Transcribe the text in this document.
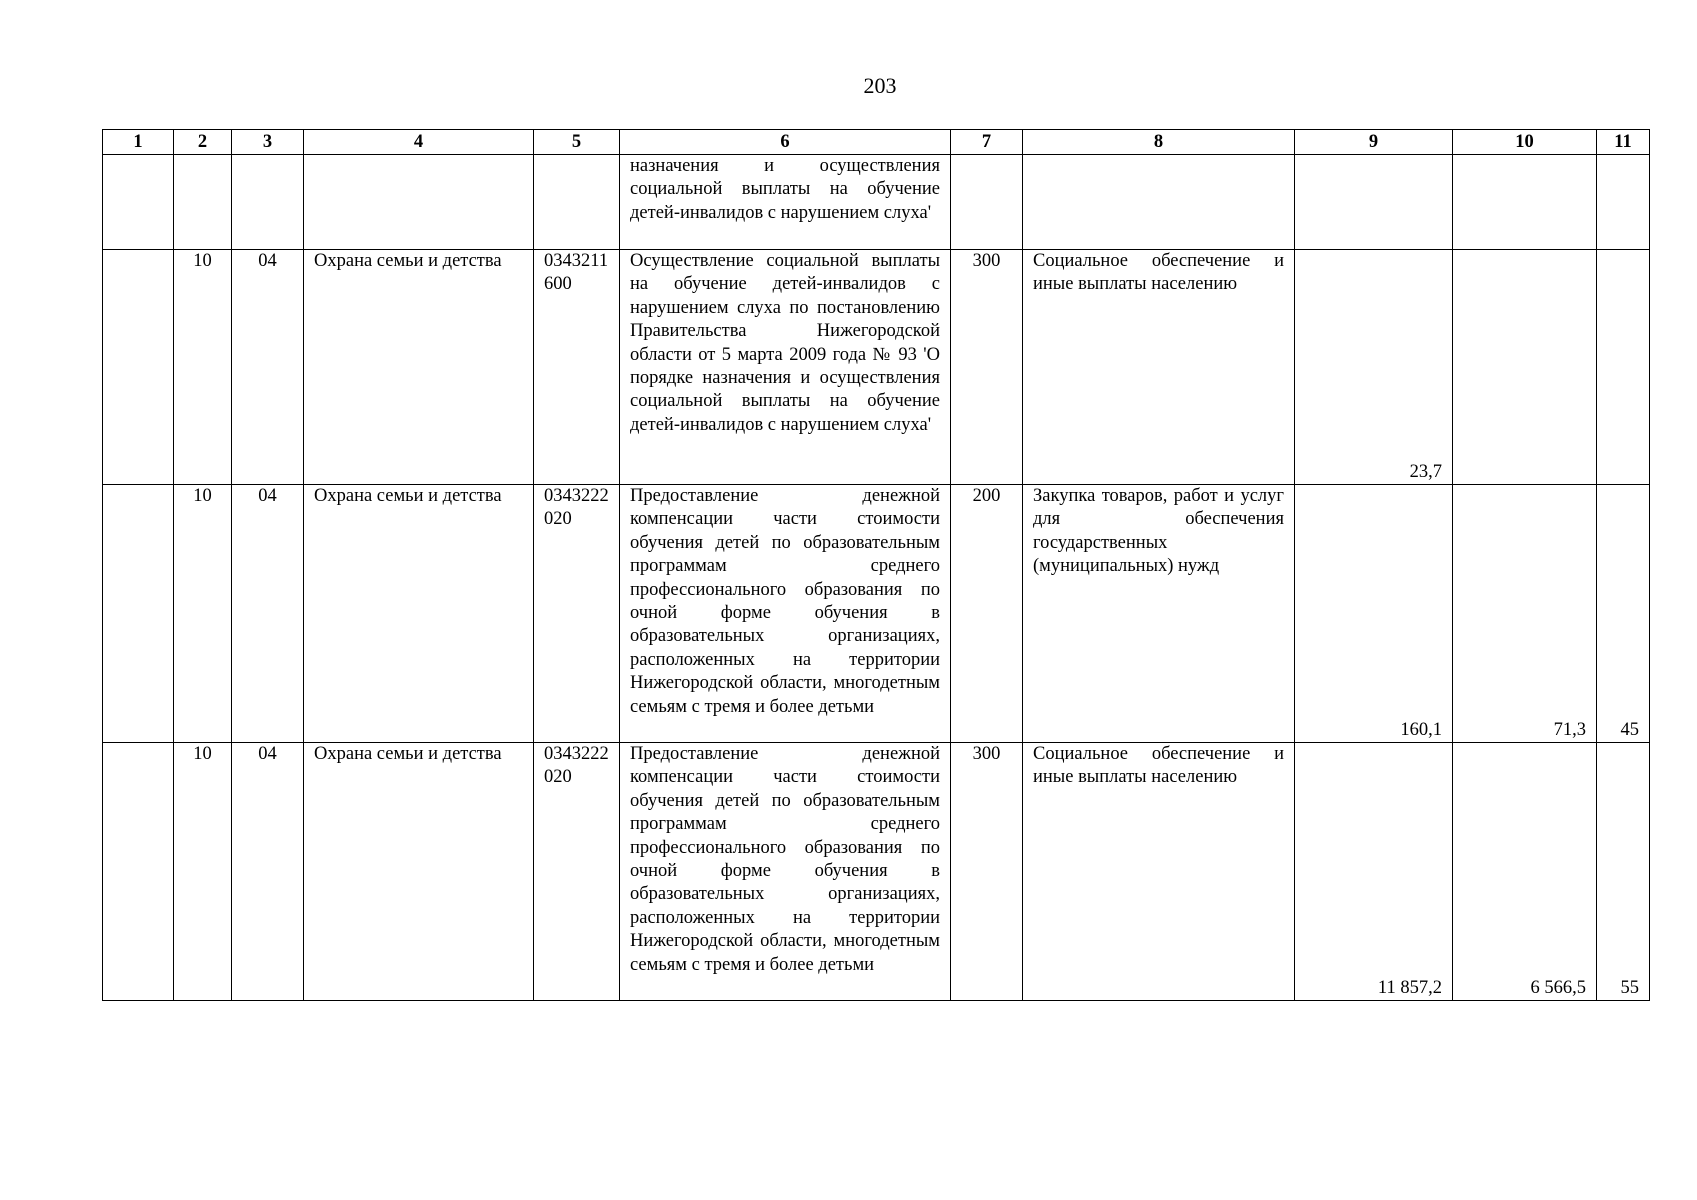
203
1	2	3	4	5	6	7	8	9	10	11
					назначения и осуществления социальной выплаты на обучение детей-инвалидов с нарушением слуха'					
	10	04	Охрана семьи и детства	0343211600	Осуществление социальной выплаты на обучение детей-инвалидов с нарушением слуха по постановлению Правительства Нижегородской области от 5 марта 2009 года № 93 'О порядке назначения и осуществления социальной выплаты на обучение детей-инвалидов с нарушением слуха'	300	Социальное обеспечение и иные выплаты населению	23,7		
	10	04	Охрана семьи и детства	0343222020	Предоставление денежной компенсации части стоимости обучения детей по образовательным программам среднего профессионального образования по очной форме обучения в образовательных организациях, расположенных на территории Нижегородской области, многодетным семьям с тремя и более детьми	200	Закупка товаров, работ и услуг для обеспечения государственных (муниципальных) нужд	160,1	71,3	45
	10	04	Охрана семьи и детства	0343222020	Предоставление денежной компенсации части стоимости обучения детей по образовательным программам среднего профессионального образования по очной форме обучения в образовательных организациях, расположенных на территории Нижегородской области, многодетным семьям с тремя и более детьми	300	Социальное обеспечение и иные выплаты населению	11 857,2	6 566,5	55
